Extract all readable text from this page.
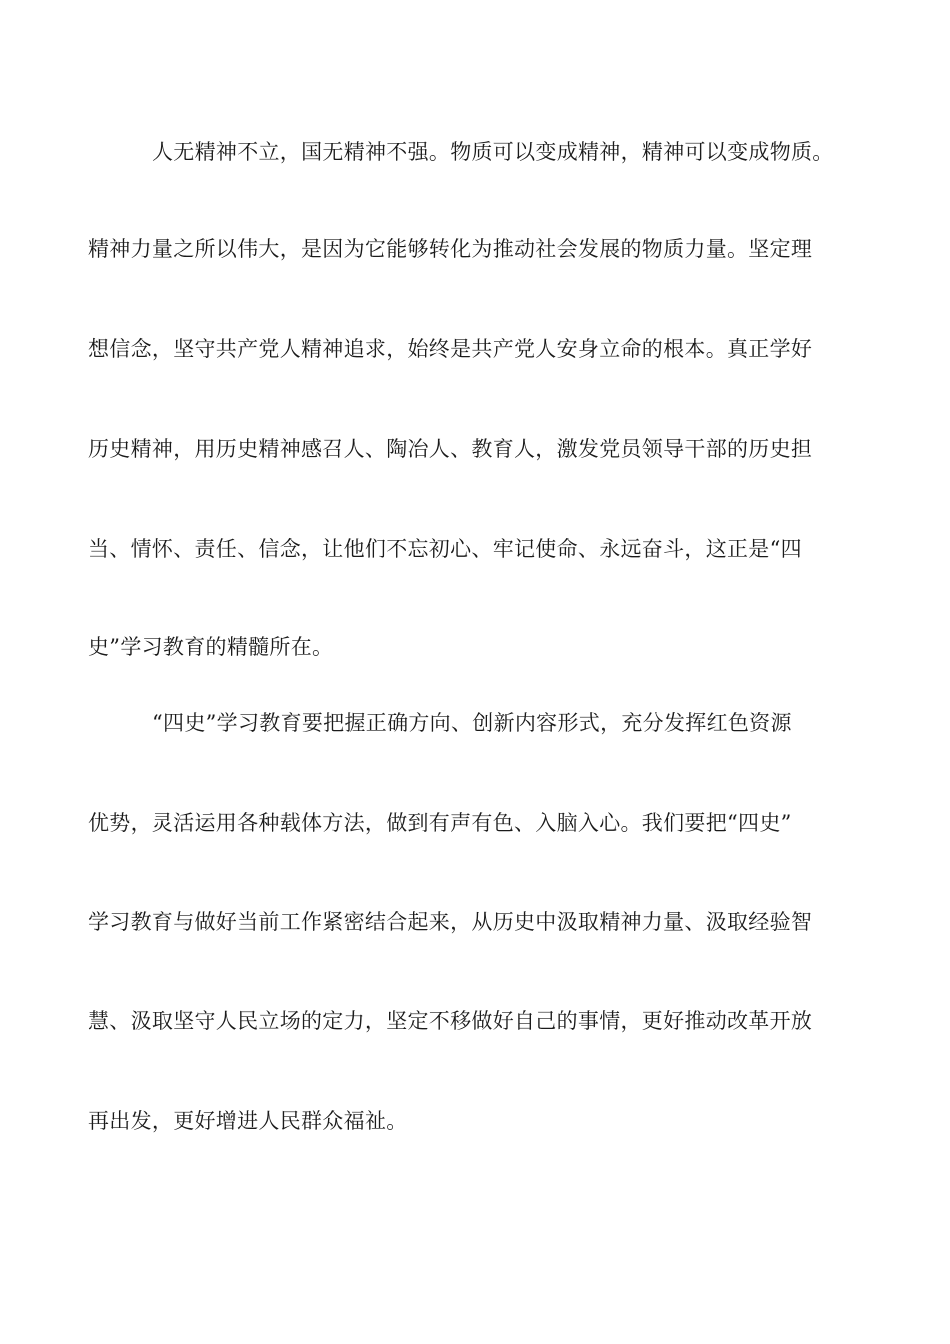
人无精神不立，国无精神不强。物质可以变成精神，精神可以变成物质。
精神力量之所以伟大，是因为它能够转化为推动社会发展的物质力量。坚定理
想信念，坚守共产党人精神追求，始终是共产党人安身立命的根本。真正学好
历史精神，用历史精神感召人、陶冶人、教育人，激发党员领导干部的历史担
当、情怀、责任、信念，让他们不忘初心、牢记使命、永远奋斗，这正是“四
史”学习教育的精髓所在。
“四史”学习教育要把握正确方向、创新内容形式，充分发挥红色资源
优势，灵活运用各种载体方法，做到有声有色、入脑入心。我们要把“四史”
学习教育与做好当前工作紧密结合起来，从历史中汲取精神力量、汲取经验智
慧、汲取坚守人民立场的定力，坚定不移做好自己的事情，更好推动改革开放
再出发，更好增进人民群众福祉。
